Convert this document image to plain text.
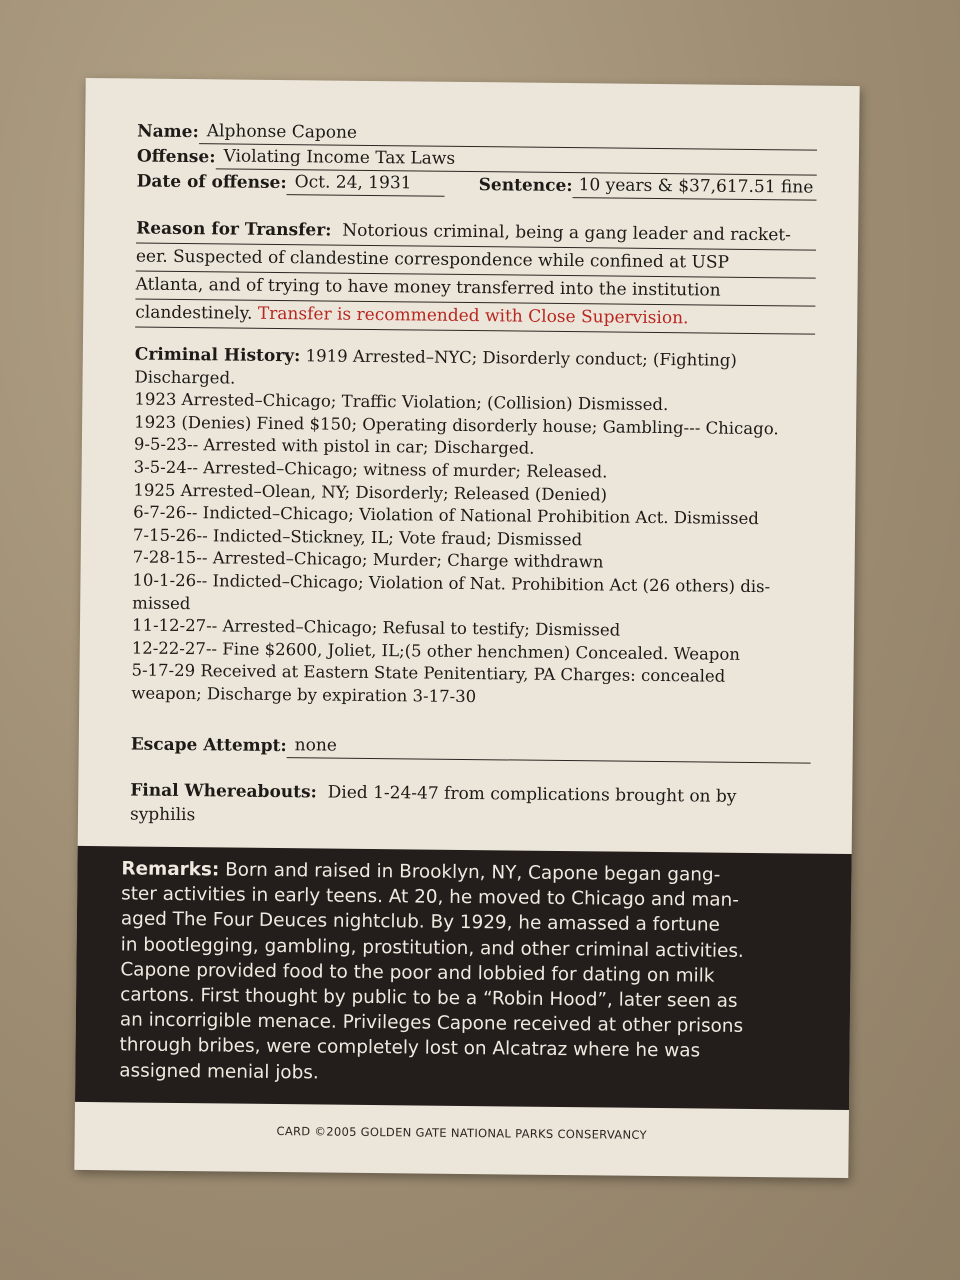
Name: Alphonse Capone
Offense: Violating Income Tax Laws
Date of offense: Oct. 24, 1931	Sentence: 10 years & $37,617.51 fine
Reason for Transfer: Notorious criminal, being a gang leader and racket-
eer. Suspected of clandestine correspondence while confined at USP
Atlanta, and of trying to have money transferred into the institution
clandestinely. Transfer is recommended with Close Supervision.
Criminal History: 1919 Arrested–NYC; Disorderly conduct; (Fighting)
Discharged.
1923 Arrested–Chicago; Traffic Violation; (Collision) Dismissed.
1923 (Denies) Fined $150; Operating disorderly house; Gambling--- Chicago.
9-5-23-- Arrested with pistol in car; Discharged.
3-5-24-- Arrested–Chicago; witness of murder; Released.
1925 Arrested–Olean, NY; Disorderly; Released (Denied)
6-7-26-- Indicted–Chicago; Violation of National Prohibition Act. Dismissed
7-15-26-- Indicted–Stickney, IL; Vote fraud; Dismissed
7-28-15-- Arrested–Chicago; Murder; Charge withdrawn
10-1-26-- Indicted–Chicago; Violation of Nat. Prohibition Act (26 others) dis-
missed
11-12-27-- Arrested–Chicago; Refusal to testify; Dismissed
12-22-27-- Fine $2600, Joliet, IL;(5 other henchmen) Concealed. Weapon
5-17-29 Received at Eastern State Penitentiary, PA Charges: concealed
weapon; Discharge by expiration 3-17-30
Escape Attempt: none
Final Whereabouts: Died 1-24-47 from complications brought on by
syphilis
Remarks: Born and raised in Brooklyn, NY, Capone began gang-
ster activities in early teens. At 20, he moved to Chicago and man-
aged The Four Deuces nightclub. By 1929, he amassed a fortune
in bootlegging, gambling, prostitution, and other criminal activities.
Capone provided food to the poor and lobbied for dating on milk
cartons. First thought by public to be a “Robin Hood”, later seen as
an incorrigible menace. Privileges Capone received at other prisons
through bribes, were completely lost on Alcatraz where he was
assigned menial jobs.
CARD ©2005 GOLDEN GATE NATIONAL PARKS CONSERVANCY
